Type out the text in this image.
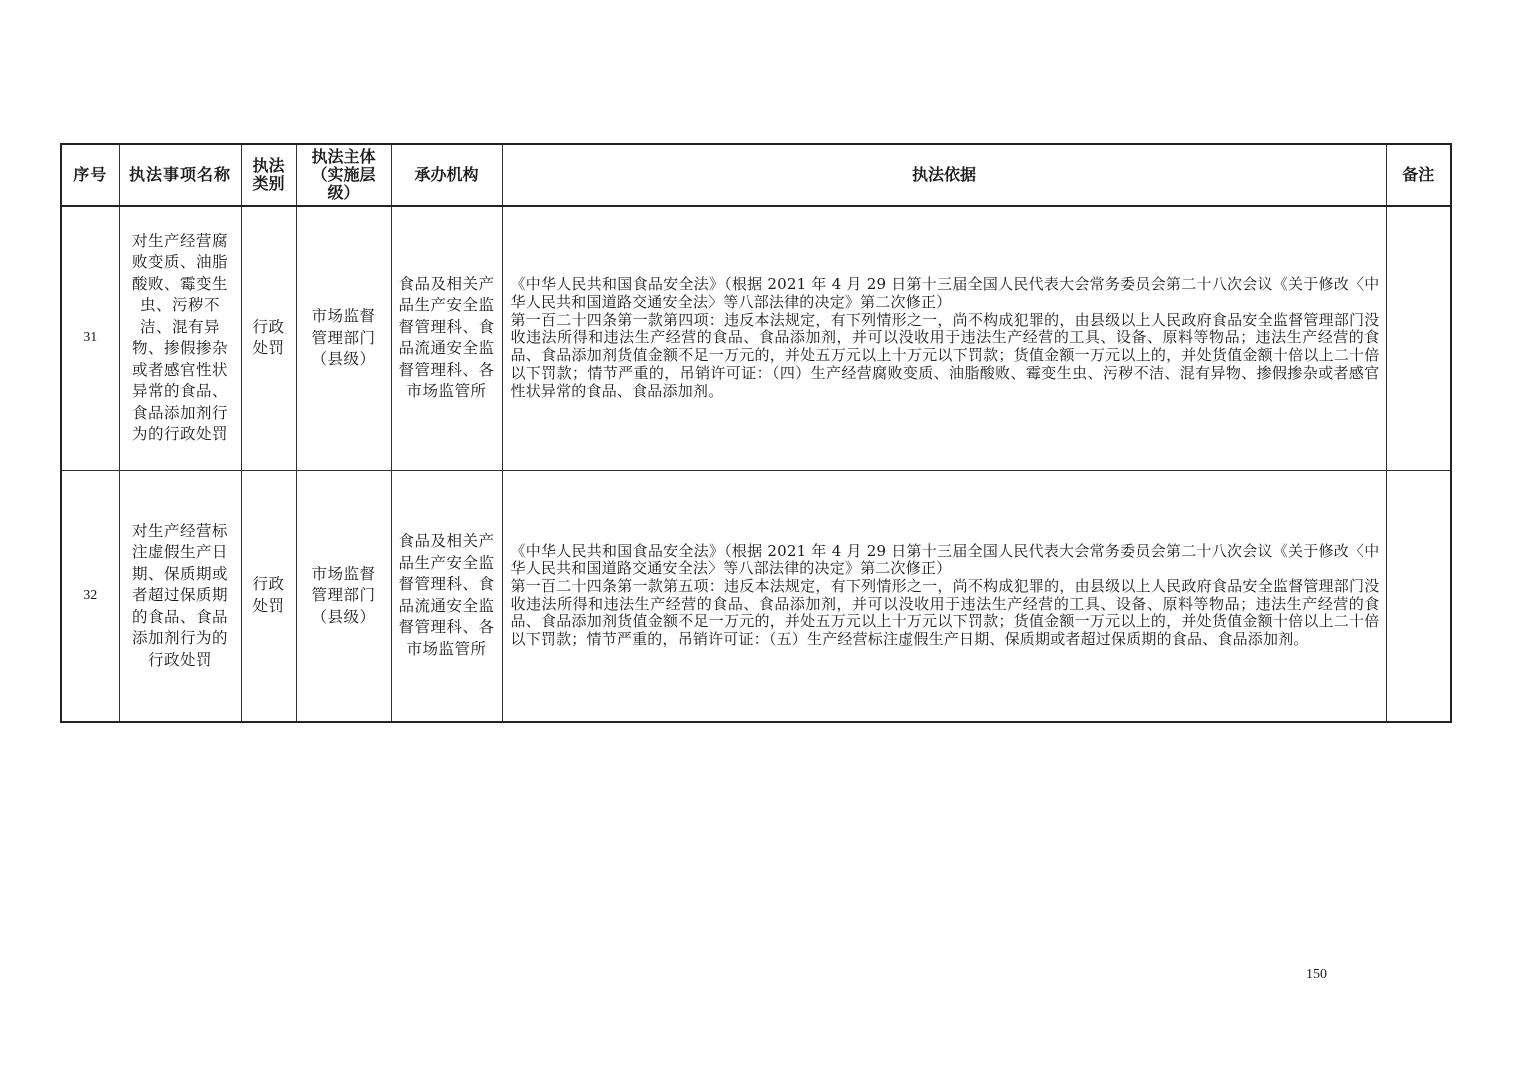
序号	执法事项名称	执法类别	执法主体（实施层级）	承办机构	执法依据	备注
31	对生产经营腐败变质、油脂酸败、霉变生虫、污秽不洁、混有异物、掺假掺杂或者感官性状异常的食品、食品添加剂行为的行政处罚	行政处罚	市场监督管理部门（县级）	食品及相关产品生产安全监督管理科、食品流通安全监督管理科、各市场监管所	《中华人民共和国食品安全法》（根据 2021 年 4 月 29 日第十三届全国人民代表大会常务委员会第二十八次会议《关于修改〈中华人民共和国道路交通安全法〉等八部法律的决定》第二次修正）
第一百二十四条第一款第四项：违反本法规定，有下列情形之一，尚不构成犯罪的，由县级以上人民政府食品安全监督管理部门没收违法所得和违法生产经营的食品、食品添加剂，并可以没收用于违法生产经营的工具、设备、原料等物品；违法生产经营的食品、食品添加剂货值金额不足一万元的，并处五万元以上十万元以下罚款；货值金额一万元以上的，并处货值金额十倍以上二十倍以下罚款；情节严重的，吊销许可证：（四）生产经营腐败变质、油脂酸败、霉变生虫、污秽不洁、混有异物、掺假掺杂或者感官性状异常的食品、食品添加剂。	

32	对生产经营标注虚假生产日期、保质期或者超过保质期的食品、食品添加剂行为的行政处罚	行政处罚	市场监督管理部门（县级）	食品及相关产品生产安全监督管理科、食品流通安全监督管理科、各市场监管所	《中华人民共和国食品安全法》（根据 2021 年 4 月 29 日第十三届全国人民代表大会常务委员会第二十八次会议《关于修改〈中华人民共和国道路交通安全法〉等八部法律的决定》第二次修正）
第一百二十四条第一款第五项：违反本法规定，有下列情形之一，尚不构成犯罪的，由县级以上人民政府食品安全监督管理部门没收违法所得和违法生产经营的食品、食品添加剂，并可以没收用于违法生产经营的工具、设备、原料等物品；违法生产经营的食品、食品添加剂货值金额不足一万元的，并处五万元以上十万元以下罚款；货值金额一万元以上的，并处货值金额十倍以上二十倍以下罚款；情节严重的，吊销许可证：（五）生产经营标注虚假生产日期、保质期或者超过保质期的食品、食品添加剂。	

150
